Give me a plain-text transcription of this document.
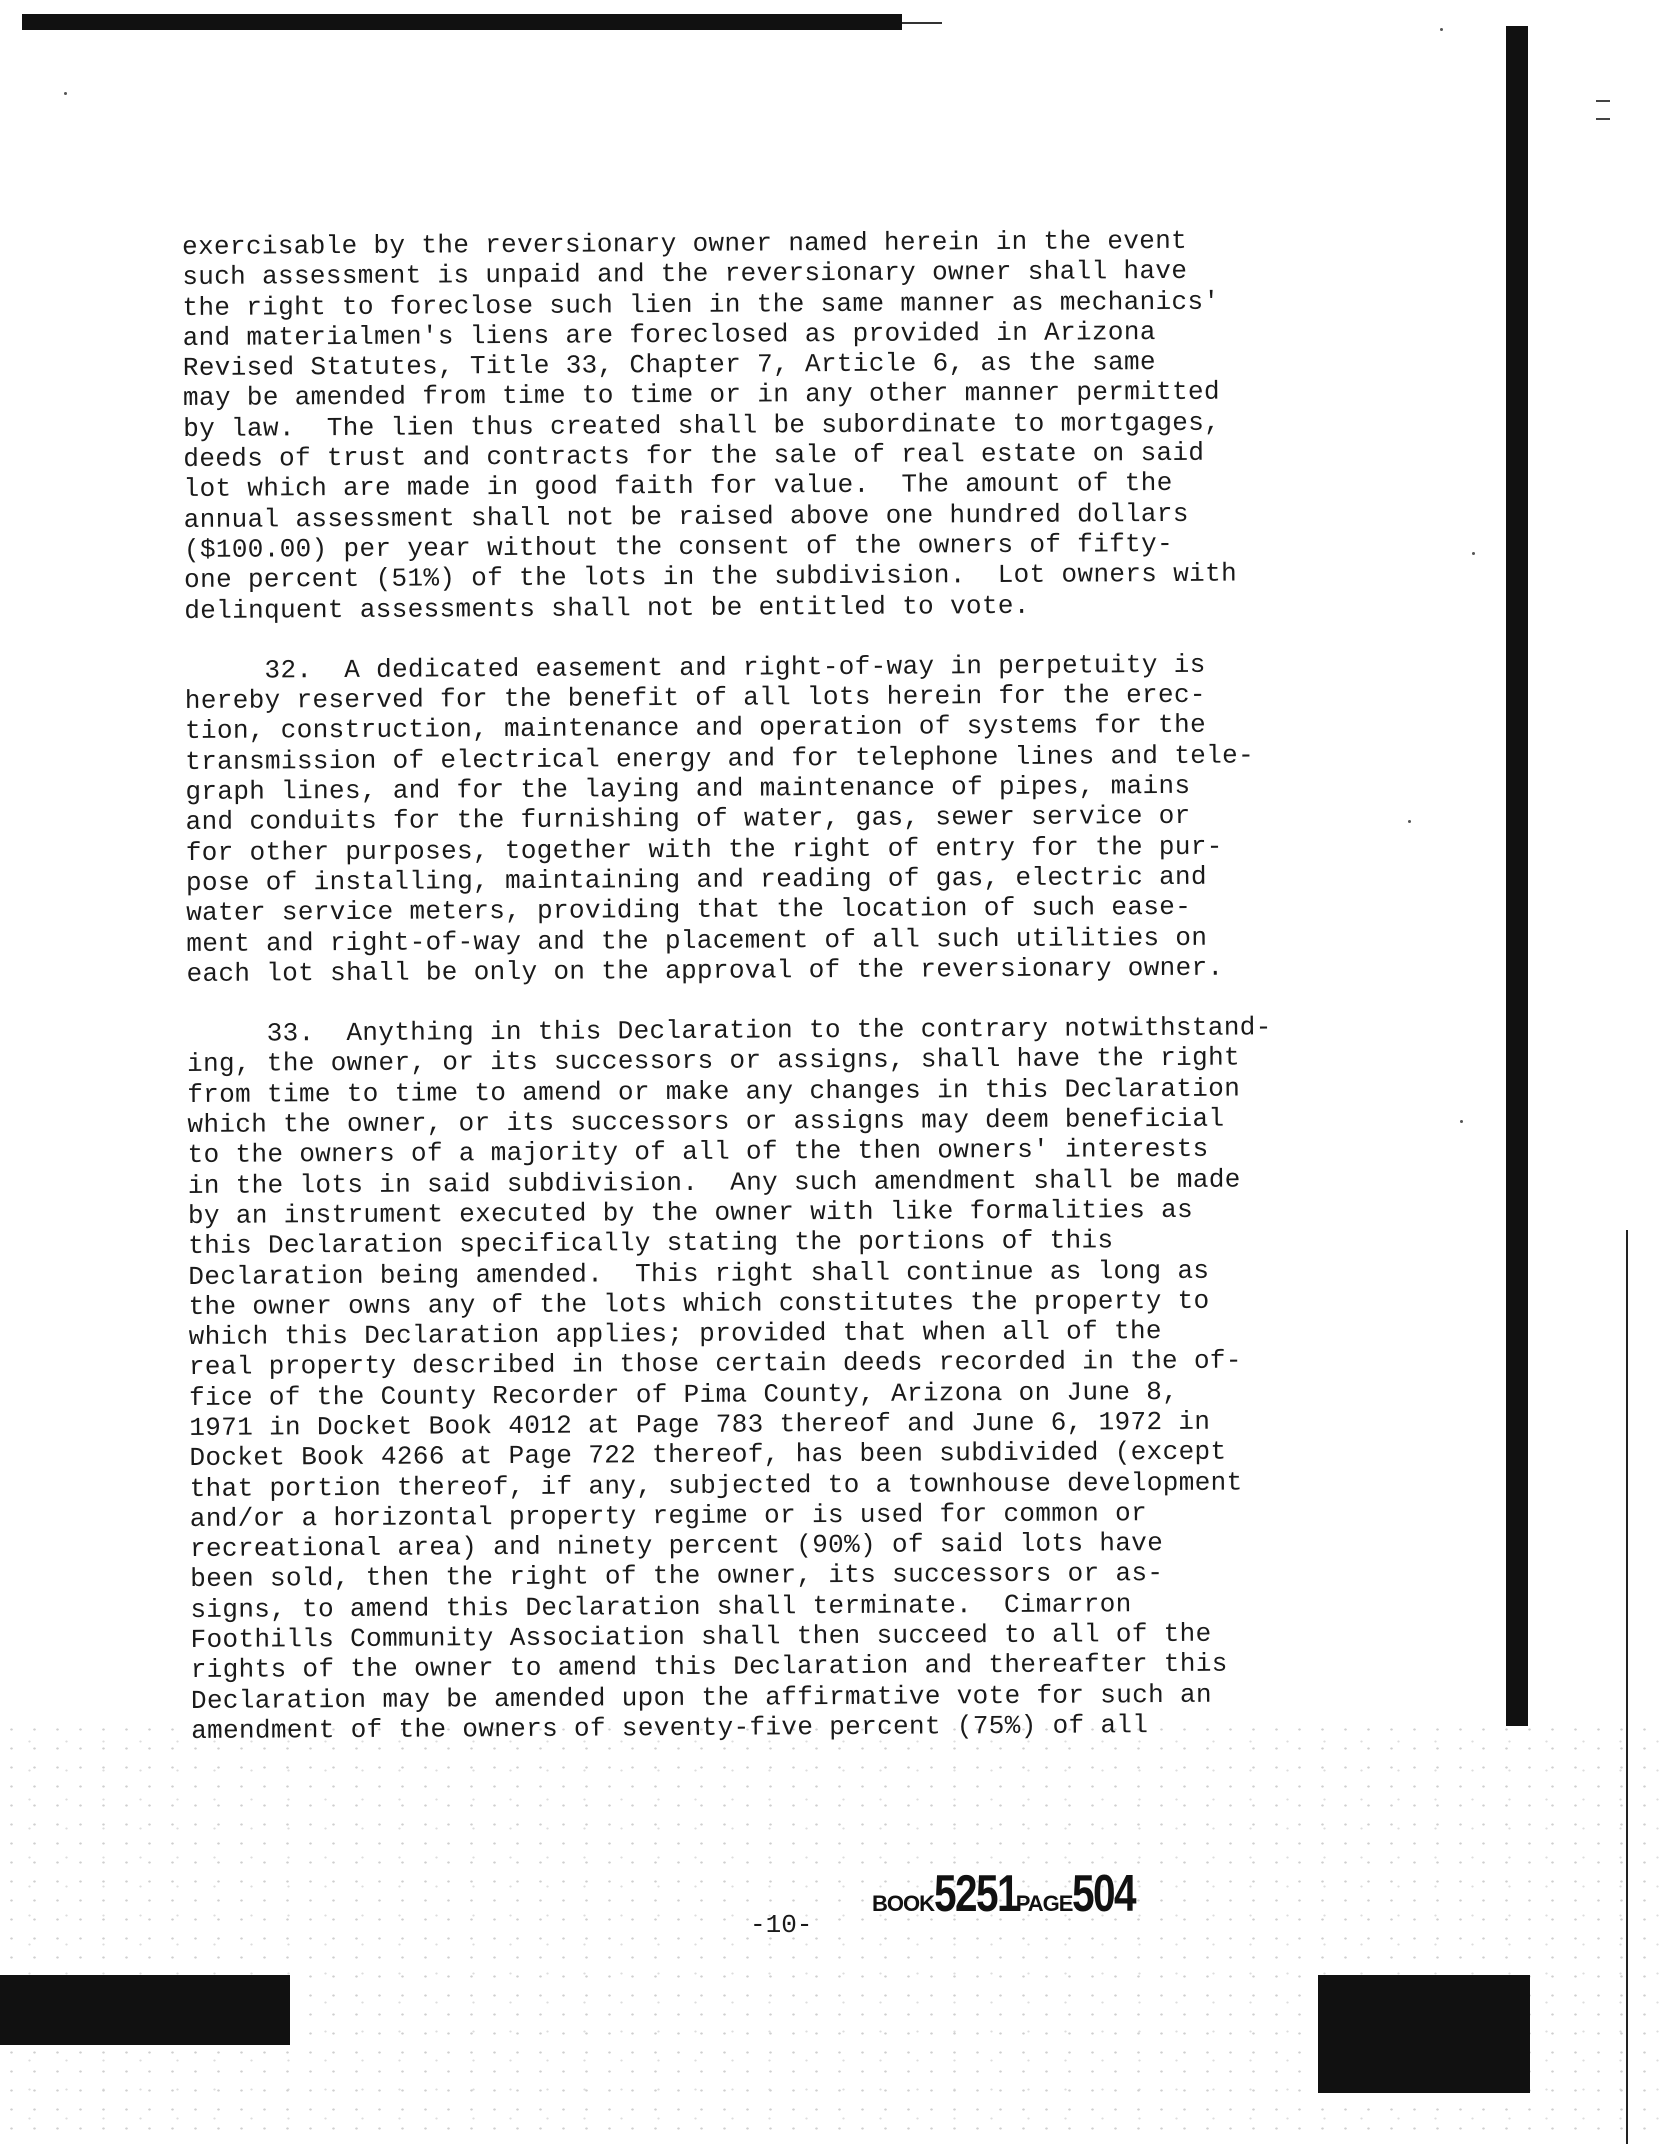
exercisable by the reversionary owner named herein in the event
such assessment is unpaid and the reversionary owner shall have
the right to foreclose such lien in the same manner as mechanics'
and materialmen's liens are foreclosed as provided in Arizona
Revised Statutes, Title 33, Chapter 7, Article 6, as the same
may be amended from time to time or in any other manner permitted
by law.  The lien thus created shall be subordinate to mortgages,
deeds of trust and contracts for the sale of real estate on said
lot which are made in good faith for value.  The amount of the
annual assessment shall not be raised above one hundred dollars
($100.00) per year without the consent of the owners of fifty-
one percent (51%) of the lots in the subdivision.  Lot owners with
delinquent assessments shall not be entitled to vote.
32.  A dedicated easement and right-of-way in perpetuity is
hereby reserved for the benefit of all lots herein for the erec-
tion, construction, maintenance and operation of systems for the
transmission of electrical energy and for telephone lines and tele-
graph lines, and for the laying and maintenance of pipes, mains
and conduits for the furnishing of water, gas, sewer service or
for other purposes, together with the right of entry for the pur-
pose of installing, maintaining and reading of gas, electric and
water service meters, providing that the location of such ease-
ment and right-of-way and the placement of all such utilities on
each lot shall be only on the approval of the reversionary owner.
33.  Anything in this Declaration to the contrary notwithstand-
ing, the owner, or its successors or assigns, shall have the right
from time to time to amend or make any changes in this Declaration
which the owner, or its successors or assigns may deem beneficial
to the owners of a majority of all of the then owners' interests
in the lots in said subdivision.  Any such amendment shall be made
by an instrument executed by the owner with like formalities as
this Declaration specifically stating the portions of this
Declaration being amended.  This right shall continue as long as
the owner owns any of the lots which constitutes the property to
which this Declaration applies; provided that when all of the
real property described in those certain deeds recorded in the of-
fice of the County Recorder of Pima County, Arizona on June 8,
1971 in Docket Book 4012 at Page 783 thereof and June 6, 1972 in
Docket Book 4266 at Page 722 thereof, has been subdivided (except
that portion thereof, if any, subjected to a townhouse development
and/or a horizontal property regime or is used for common or
recreational area) and ninety percent (90%) of said lots have
been sold, then the right of the owner, its successors or as-
signs, to amend this Declaration shall terminate.  Cimarron
Foothills Community Association shall then succeed to all of the
rights of the owner to amend this Declaration and thereafter this
Declaration may be amended upon the affirmative vote for such an
amendment of the owners of seventy-five percent (75%) of all
BOOK 5251
PAGE 504
-10-
